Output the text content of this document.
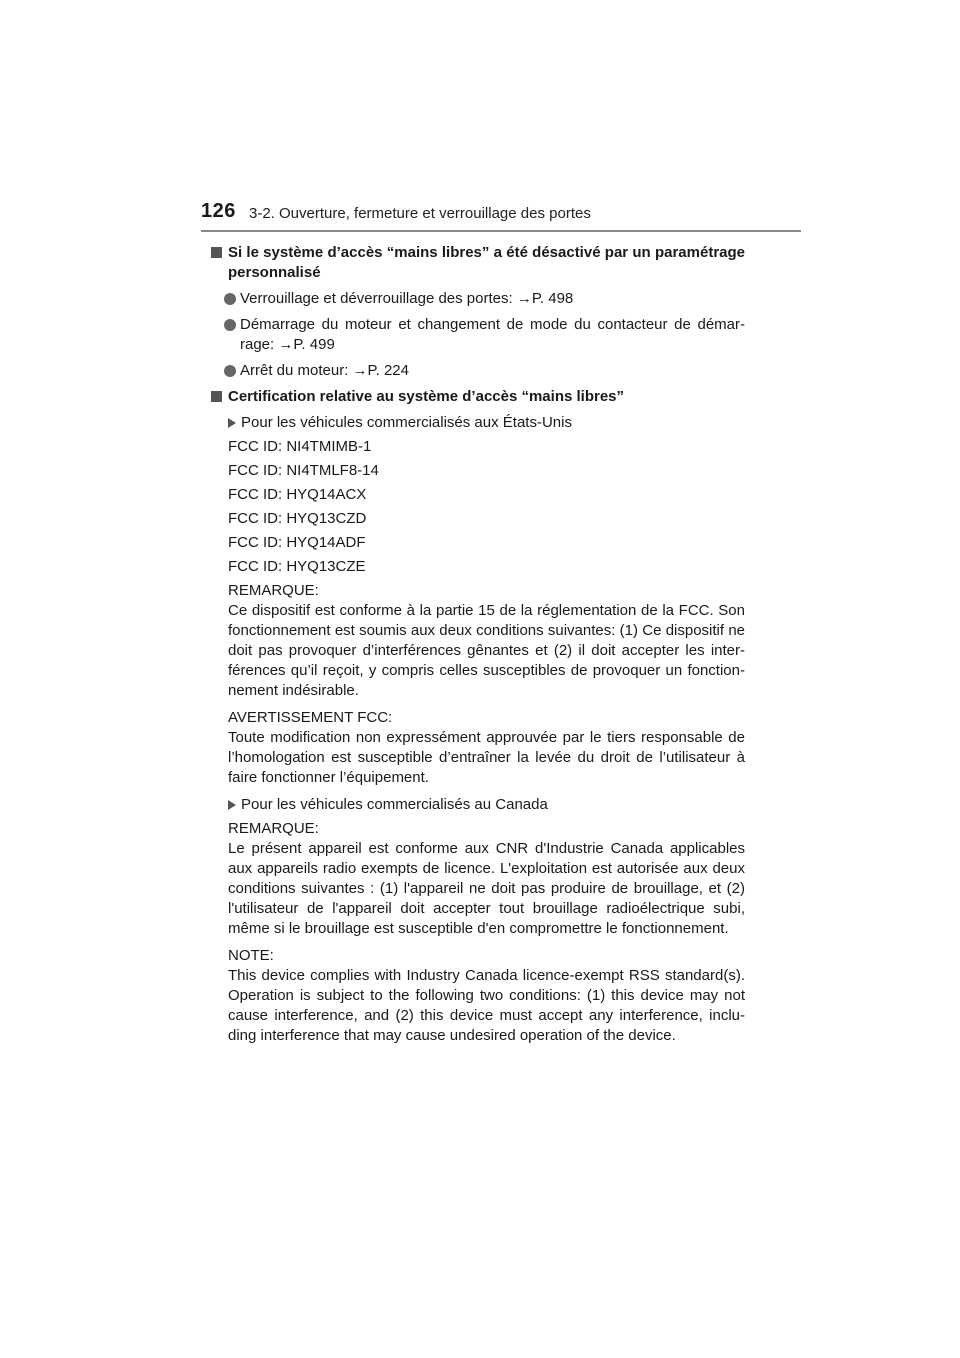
126 3-2. Ouverture, fermeture et verrouillage des portes
Si le système d’accès “mains libres” a été désactivé par un paramétrage personnalisé
Verrouillage et déverrouillage des portes: →P. 498
Démarrage du moteur et changement de mode du contacteur de démar-rage: →P. 499
Arrêt du moteur: →P. 224
Certification relative au système d’accès “mains libres”
Pour les véhicules commercialisés aux États-Unis
FCC ID: NI4TMIMB-1
FCC ID: NI4TMLF8-14
FCC ID: HYQ14ACX
FCC ID: HYQ13CZD
FCC ID: HYQ14ADF
FCC ID: HYQ13CZE
REMARQUE:
Ce dispositif est conforme à la partie 15 de la réglementation de la FCC. Son fonctionnement est soumis aux deux conditions suivantes: (1) Ce dispositif ne doit pas provoquer d’interférences gênantes et (2) il doit accepter les inter-férences qu’il reçoit, y compris celles susceptibles de provoquer un fonction-nement indésirable.
AVERTISSEMENT FCC:
Toute modification non expressément approuvée par le tiers responsable de l’homologation est susceptible d’entraîner la levée du droit de l’utilisateur à faire fonctionner l’équipement.
Pour les véhicules commercialisés au Canada
REMARQUE:
Le présent appareil est conforme aux CNR d'Industrie Canada applicables aux appareils radio exempts de licence. L'exploitation est autorisée aux deux conditions suivantes : (1) l'appareil ne doit pas produire de brouillage, et (2) l'utilisateur de l'appareil doit accepter tout brouillage radioélectrique subi, même si le brouillage est susceptible d'en compromettre le fonctionnement.
NOTE:
This device complies with Industry Canada licence-exempt RSS standard(s). Operation is subject to the following two conditions: (1) this device may not cause interference, and (2) this device must accept any interference, inclu-ding interference that may cause undesired operation of the device.
